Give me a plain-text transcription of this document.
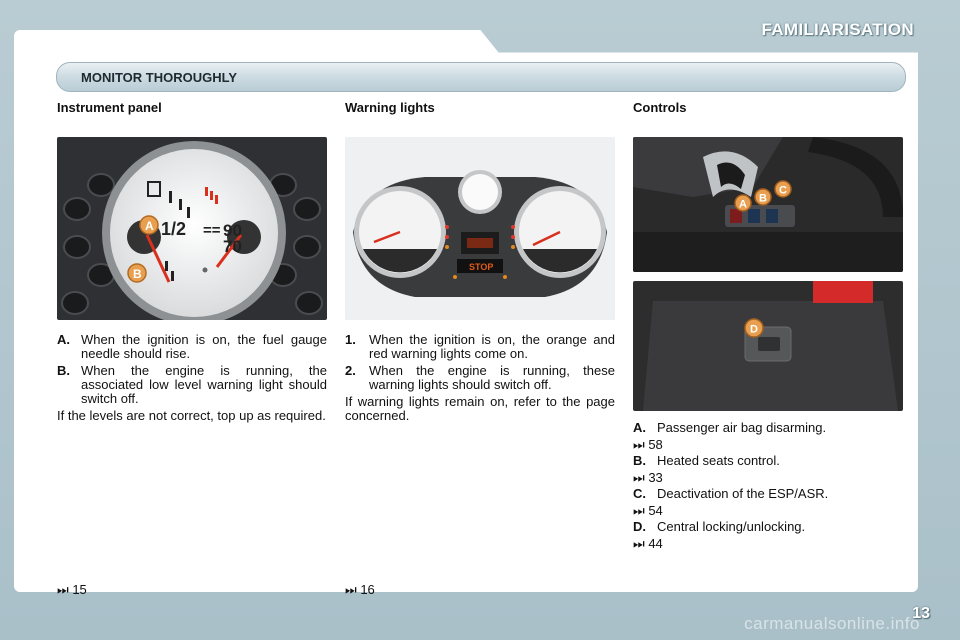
FAMILIARISATION
MONITOR THOROUGHLY
Instrument panel
1/2 == 90
70
A
B
A. When the ignition is on, the fuel gauge needle should rise.
B. When the engine is running, the associated low level warning light should switch off.
If the levels are not correct, top up as required.
⏭ 15
Warning lights
STOP
1. When the ignition is on, the orange and red warning lights come on.
2. When the engine is running, these warning lights should switch off.
If warning lights remain on, refer to the page concerned.
⏭ 16
Controls
A B
C
D
A. Passenger air bag disarming.
⏭ 58
B. Heated seats control.
⏭ 33
C. Deactivation of the ESP/ASR.
⏭ 54
D. Central locking/unlocking.
⏭ 44
13
carmanualsonline.info
